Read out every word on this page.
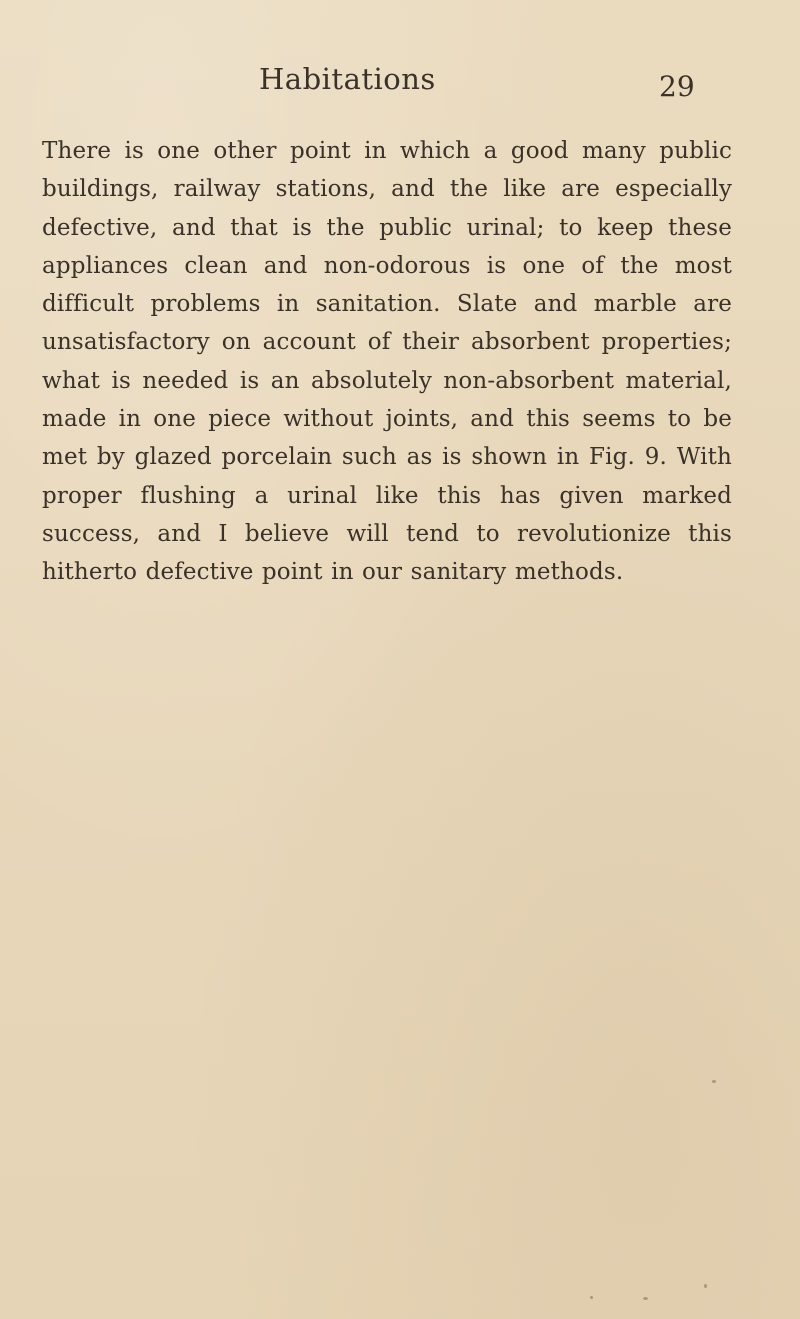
Habitations	29

There is one other point in which a good many public buildings, railway stations, and the like are especially defective, and that is the public urinal; to keep these appliances clean and non-odorous is one of the most difficult problems in sanitation. Slate and marble are unsatisfactory on account of their absorbent properties; what is needed is an absolutely non-absorbent material, made in one piece without joints, and this seems to be met by glazed porcelain such as is shown in Fig. 9. With proper flushing a urinal like this has given marked success, and I believe will tend to revolutionize this hitherto defective point in our sanitary methods.
